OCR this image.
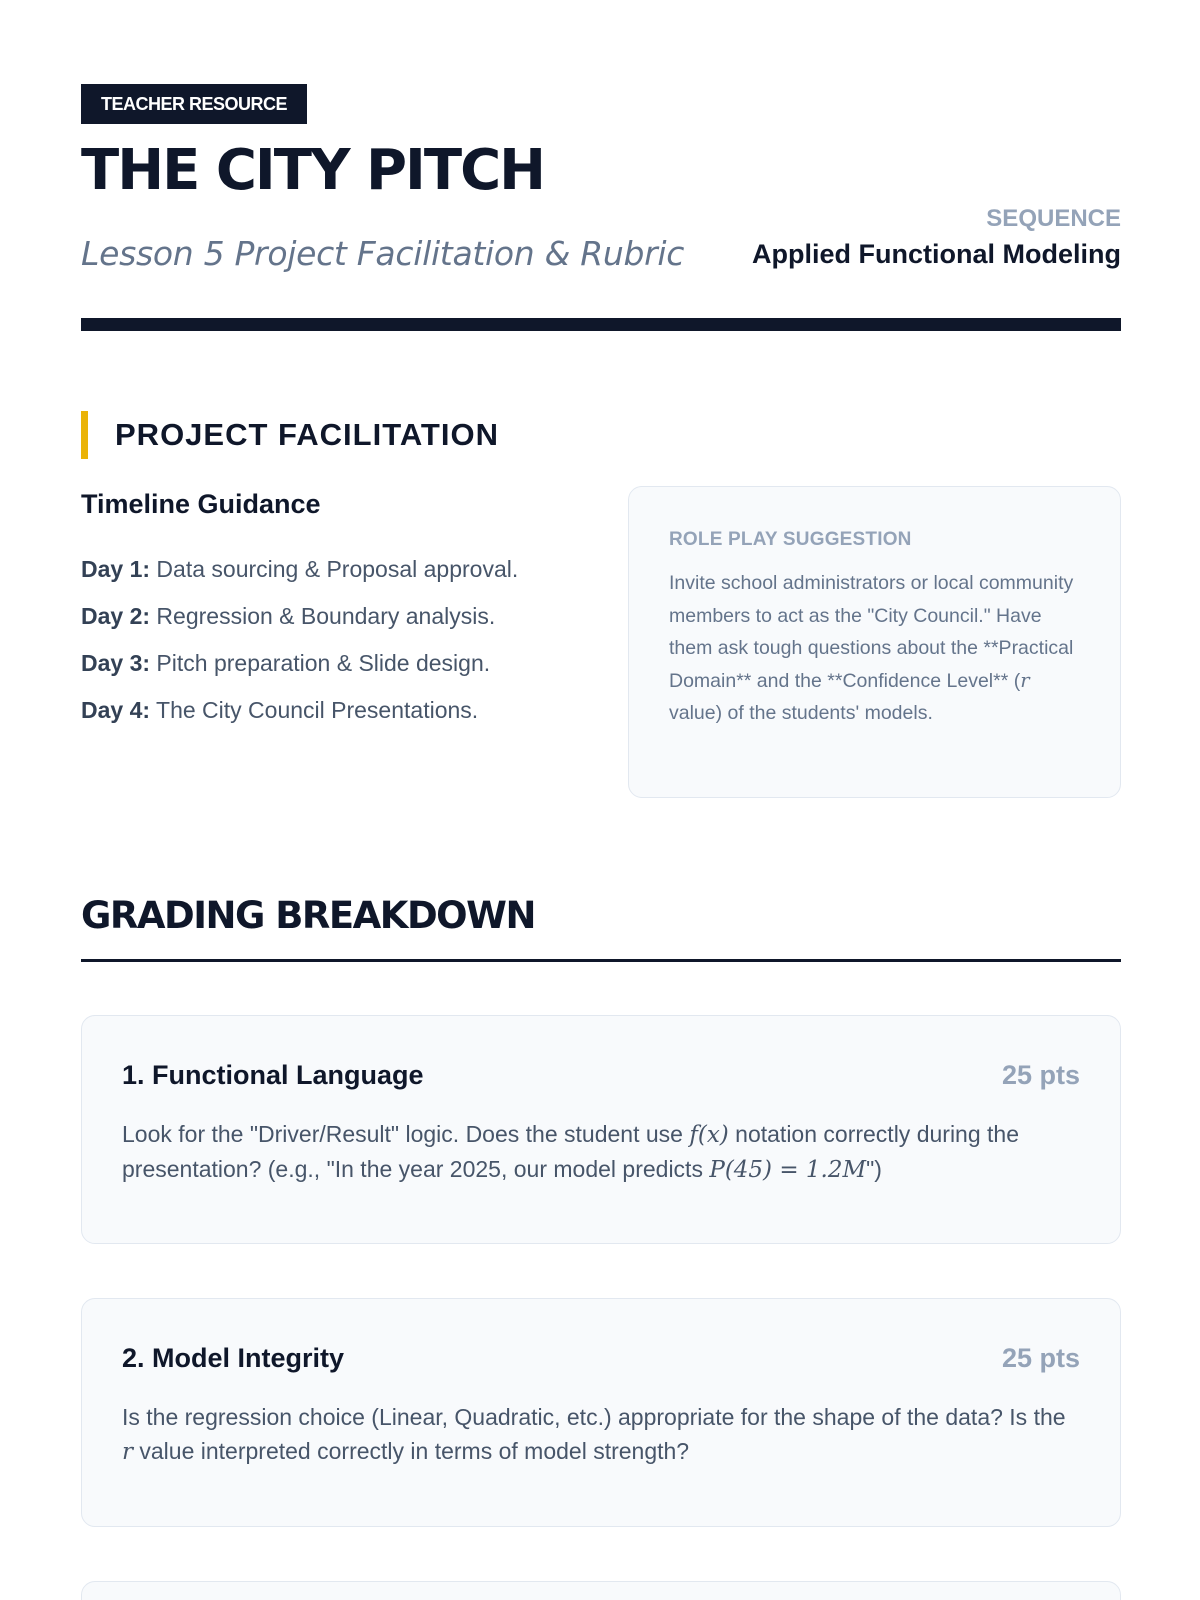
TEACHER RESOURCE
THE CITY PITCH
Lesson 5 Project Facilitation & Rubric
SEQUENCE
Applied Functional Modeling
PROJECT FACILITATION
Timeline Guidance
Day 1: Data sourcing & Proposal approval.
Day 2: Regression & Boundary analysis.
Day 3: Pitch preparation & Slide design.
Day 4: The City Council Presentations.
ROLE PLAY SUGGESTION
Invite school administrators or local community members to act as the "City Council." Have them ask tough questions about the **Practical Domain** and the **Confidence Level** (r value) of the students' models.
GRADING BREAKDOWN
1. Functional Language	25 pts
Look for the "Driver/Result" logic. Does the student use f(x) notation correctly during the presentation? (e.g., "In the year 2025, our model predicts P(45) = 1.2M")
2. Model Integrity	25 pts
Is the regression choice (Linear, Quadratic, etc.) appropriate for the shape of the data? Is the r value interpreted correctly in terms of model strength?
